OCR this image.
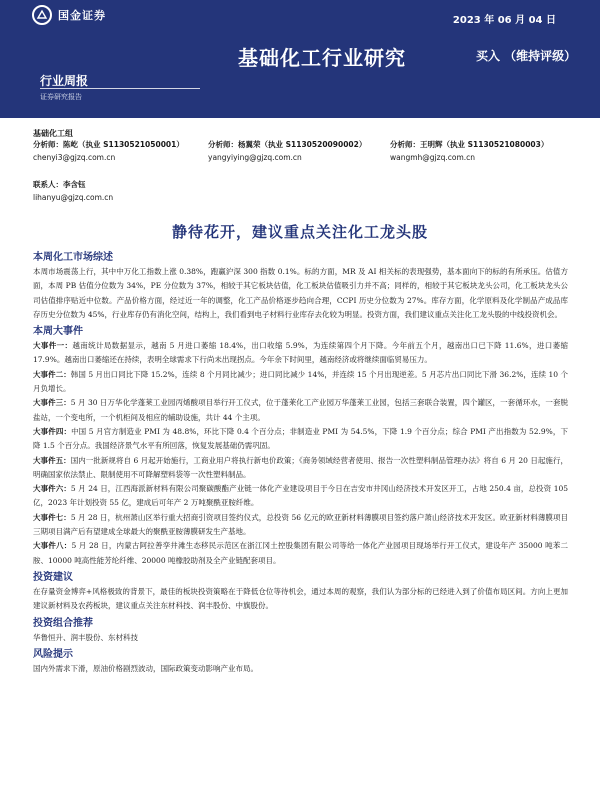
国金证券	2023 年 06 月 04 日
基础化工行业研究	买入 （维持评级）
行业周报
证券研究报告
基础化工组
分析师：陈屹（执业 S1130521050001）
chenyi3@gjzq.com.cn
分析师：杨翼荣（执业 S1130520090002）
yangyiying@gjzq.com.cn
分析师：王明辉（执业 S1130521080003）
wangmh@gjzq.com.cn
联系人：李含钰
lihanyu@gjzq.com.cn
静待花开，建议重点关注化工龙头股
本周化工市场综述
本周市场震荡上行，其中中万化工指数上涨 0.38%，跑赢沪深 300 指数 0.1%。标的方面，MR 及 AI 相关标的表现强势，基本面向下的标的有所承压。估值方面，本周 PB 估值分位数为 34%，PE 分位数为 37%，相较于其它板块估值，化工板块估值吸引力并不高；同样的，相较于其它板块龙头公司，化工板块龙头公司估值排序贴近中位数。产品价格方面，经过近一年的调整，化工产品价格逐步趋向合理，CCPI 历史分位数为 27%。库存方面，化学原料及化学制品产成品库存历史分位数为 45%，行业库存仍有消化空间，结构上，我们看到电子材料行业库存去化较为明显。投资方面，我们建议重点关注化工龙头股的中线投资机会。
本周大事件
大事件一：越南统计局数据显示，越南 5 月进口萎缩 18.4%，出口收缩 5.9%，为连续第四个月下降。今年前五个月，越南出口已下降 11.6%，进口萎缩 17.9%。越南出口萎缩还在持续，表明全球需求下行尚未出现拐点。今年余下时间里，越南经济或将继续面临贸易压力。
大事件二：韩国 5 月出口同比下降 15.2%，连续 8 个月同比减少；进口同比减少 14%，并连续 15 个月出现逆差。5 月芯片出口同比下滑 36.2%，连续 10 个月负增长。
大事件三：5 月 30 日万华化学蓬莱工业园丙烯酸项目举行开工仪式，位于蓬莱化工产业园万华蓬莱工业园，包括三套联合装置，四个罐区，一套循环水，一套脱盐站，一个变电所，一个机柜间及相应的辅助设施，共计 44 个主项。
大事件四：中国 5 月官方制造业 PMI 为 48.8%，环比下降 0.4 个百分点；非制造业 PMI 为 54.5%，下降 1.9 个百分点；综合 PMI 产出指数为 52.9%，下降 1.5 个百分点。我国经济景气水平有所回落，恢复发展基础仍需巩固。
大事件五：国内一批新规将自 6 月起开始施行，工商业用户将执行新电价政策；《商务领域经营者使用、报告一次性塑料制品管理办法》将自 6 月 20 日起施行，明确国家依法禁止、限制使用不可降解塑料袋等一次性塑料制品。
大事件六：5 月 24 日，江西海派新材料有限公司聚碳酸酯产业链一体化产业建设项目于今日在吉安市井冈山经济技术开发区开工，占地 250.4 亩，总投资 105 亿，2023 年计划投资 55 亿，建成后可年产 2 万吨聚酰亚胺纤维。
大事件七：5 月 28 日，杭州萧山区举行重大招商引资项目签约仪式，总投资 56 亿元的欧亚新材料薄膜项目签约落户萧山经济技术开发区。欧亚新材料薄膜项目三期项目满产后有望建成全球最大的聚酰亚胺薄膜研发生产基地。
大事件八：5 月 28 日，内蒙古阿拉善孪井滩生态移民示范区在浙江冈土控股集团有限公司等给一体化产业园项目现场举行开工仪式，建设年产 35000 吨苯二胺、10000 吨高性能芳纶纤维、20000 吨橡胶助剂及全产业链配套项目。
投资建议
在存量资金博弈+风格极致的背景下，最佳的板块投资策略在于降低仓位等待机会，通过本周的观察，我们认为部分标的已经进入到了价值布局区间。方向上更加建议新材料及农药板块，建议重点关注东材科技、润丰股份、中旗股份。
投资组合推荐
华鲁恒升、润丰股份、东材科技
风险提示
国内外需求下滑，原油价格剧烈波动，国际政策变动影响产业布局。
